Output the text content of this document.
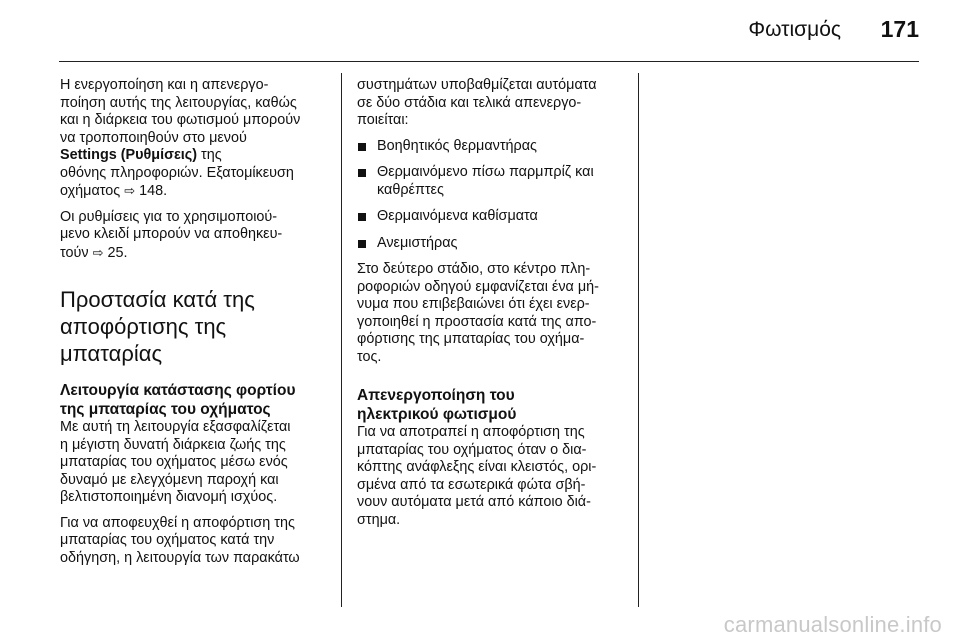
Φωτισμός 171

Η ενεργοποίηση και η απενεργο-
ποίηση αυτής της λειτουργίας, καθώς
και η διάρκεια του φωτισμού μπορούν
να τροποποιηθούν στο μενού
Settings (Ρυθμίσεις) της
οθόνης πληροφοριών. Εξατομίκευση
οχήματος ⇨ 148.

Οι ρυθμίσεις για το χρησιμοποιού-
μενο κλειδί μπορούν να αποθηκευ-
τούν ⇨ 25.

Προστασία κατά της
αποφόρτισης της
μπαταρίας
Λειτουργία κατάστασης φορτίου
της μπαταρίας του οχήματος

Με αυτή τη λειτουργία εξασφαλίζεται
η μέγιστη δυνατή διάρκεια ζωής της
μπαταρίας του οχήματος μέσω ενός
δυναμό με ελεγχόμενη παροχή και
βελτιστοποιημένη διανομή ισχύος.

Για να αποφευχθεί η αποφόρτιση της
μπαταρίας του οχήματος κατά την
οδήγηση, η λειτουργία των παρακάτω

συστημάτων υποβαθμίζεται αυτόματα
σε δύο στάδια και τελικά απενεργο-
ποιείται:

Βοηθητικός θερμαντήρας
Θερμαινόμενο πίσω παρμπρίζ και
καθρέπτες
Θερμαινόμενα καθίσματα
Ανεμιστήρας

Στο δεύτερο στάδιο, στο κέντρο πλη-
ροφοριών οδηγού εμφανίζεται ένα μή-
νυμα που επιβεβαιώνει ότι έχει ενερ-
γοποιηθεί η προστασία κατά της απο-
φόρτισης της μπαταρίας του οχήμα-
τος.

Απενεργοποίηση του
ηλεκτρικού φωτισμού

Για να αποτραπεί η αποφόρτιση της
μπαταρίας του οχήματος όταν ο δια-
κόπτης ανάφλεξης είναι κλειστός, ορι-
σμένα από τα εσωτερικά φώτα σβή-
νουν αυτόματα μετά από κάποιο διά-
στημα.

carmanualsonline.info
